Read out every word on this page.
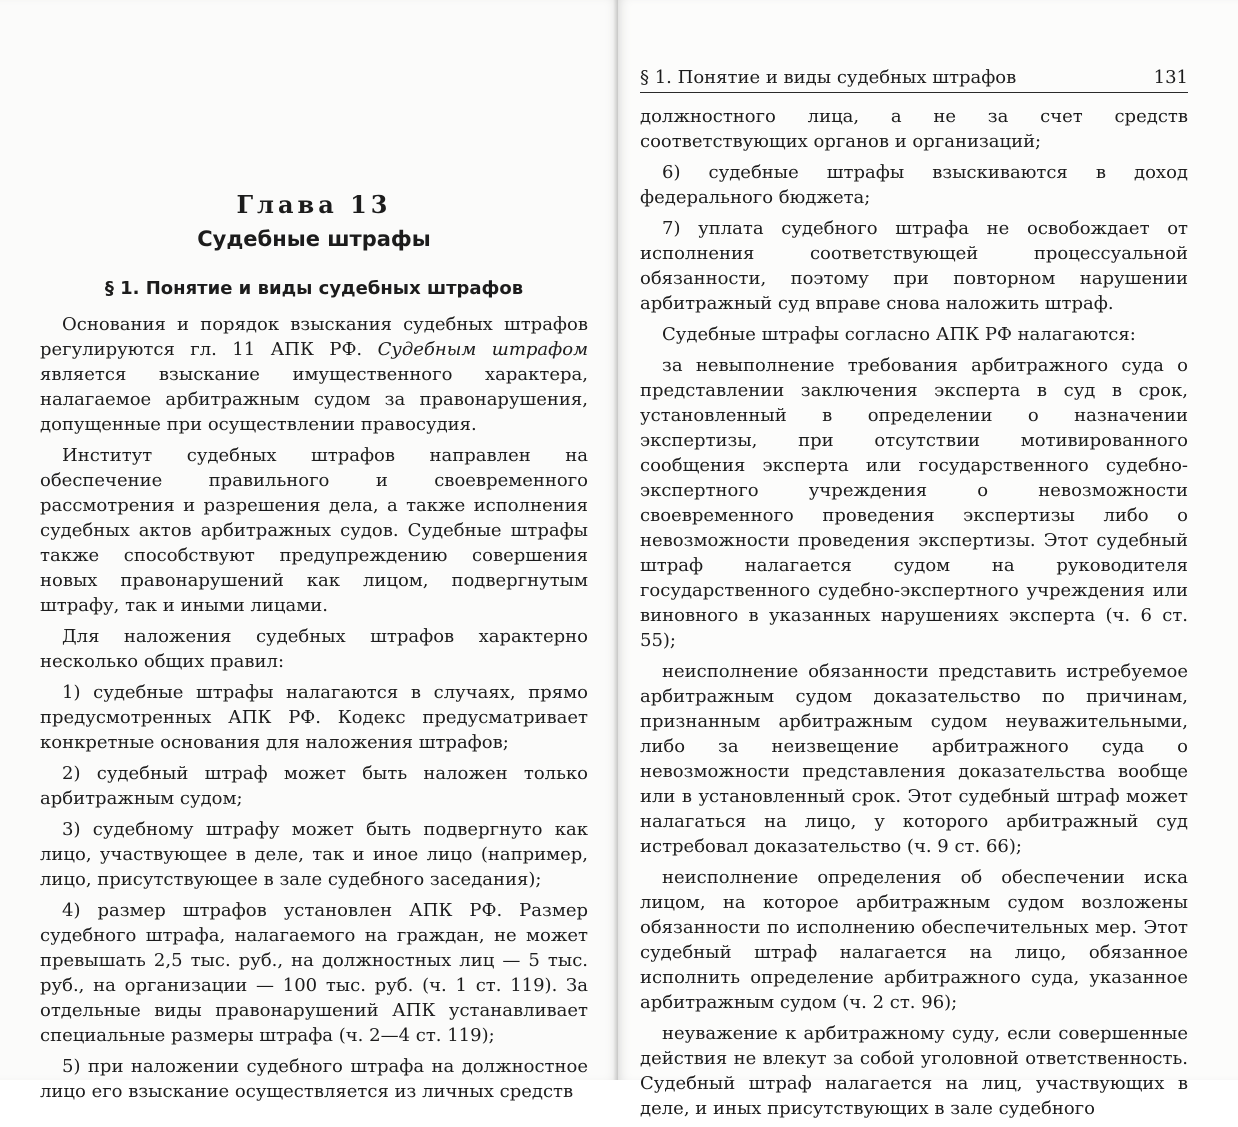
Глава 13
Судебные штрафы
§ 1. Понятие и виды судебных штрафов

Основания и порядок взыскания судебных штрафов регулируются гл. 11 АПК РФ. Судебным штрафом является взыскание имущественного характера, налагаемое арбитражным судом за правонарушения, допущенные при осуществлении правосудия.

Институт судебных штрафов направлен на обеспечение правильного и своевременного рассмотрения и разрешения дела, а также исполнения судебных актов арбитражных судов. Судебные штрафы также способствуют предупреждению совершения новых правонарушений как лицом, подвергнутым штрафу, так и иными лицами.

Для наложения судебных штрафов характерно несколько общих правил:

1) судебные штрафы налагаются в случаях, прямо предусмотренных АПК РФ. Кодекс предусматривает конкретные основания для наложения штрафов;

2) судебный штраф может быть наложен только арбитражным судом;

3) судебному штрафу может быть подвергнуто как лицо, участвующее в деле, так и иное лицо (например, лицо, присутствующее в зале судебного заседания);

4) размер штрафов установлен АПК РФ. Размер судебного штрафа, налагаемого на граждан, не может превышать 2,5 тыс. руб., на должностных лиц — 5 тыс. руб., на организации — 100 тыс. руб. (ч. 1 ст. 119). За отдельные виды правонарушений АПК устанавливает специальные размеры штрафа (ч. 2—4 ст. 119);

5) при наложении судебного штрафа на должностное лицо его взыскание осуществляется из личных средств

§ 1. Понятие и виды судебных штрафов	131

должностного лица, а не за счет средств соответствующих органов и организаций;

6) судебные штрафы взыскиваются в доход федерального бюджета;

7) уплата судебного штрафа не освобождает от исполнения соответствующей процессуальной обязанности, поэтому при повторном нарушении арбитражный суд вправе снова наложить штраф.

Судебные штрафы согласно АПК РФ налагаются:

за невыполнение требования арбитражного суда о представлении заключения эксперта в суд в срок, установленный в определении о назначении экспертизы, при отсутствии мотивированного сообщения эксперта или государственного судебно-экспертного учреждения о невозможности своевременного проведения экспертизы либо о невозможности проведения экспертизы. Этот судебный штраф налагается судом на руководителя государственного судебно-экспертного учреждения или виновного в указанных нарушениях эксперта (ч. 6 ст. 55);

неисполнение обязанности представить истребуемое арбитражным судом доказательство по причинам, признанным арбитражным судом неуважительными, либо за неизвещение арбитражного суда о невозможности представления доказательства вообще или в установленный срок. Этот судебный штраф может налагаться на лицо, у которого арбитражный суд истребовал доказательство (ч. 9 ст. 66);

неисполнение определения об обеспечении иска лицом, на которое арбитражным судом возложены обязанности по исполнению обеспечительных мер. Этот судебный штраф налагается на лицо, обязанное исполнить определение арбитражного суда, указанное арбитражным судом (ч. 2 ст. 96);

неуважение к арбитражному суду, если совершенные действия не влекут за собой уголовной ответственность. Судебный штраф налагается на лиц, участвующих в деле, и иных присутствующих в зале судебного
